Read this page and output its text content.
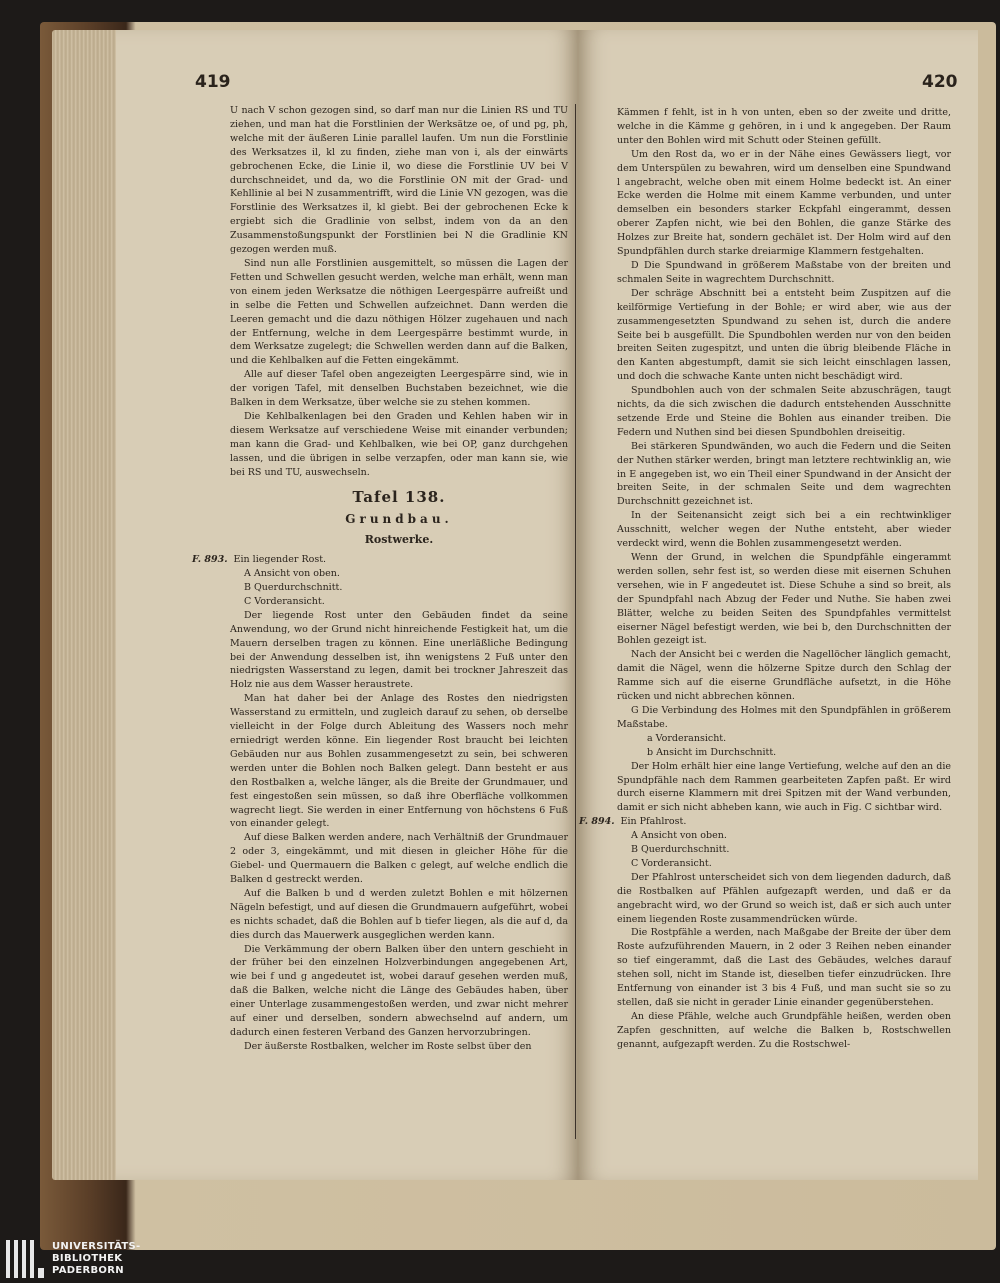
419	420

U nach V schon gezogen sind, so darf man nur die Linien RS und TU ziehen, und man hat die Forstlinien der Werksätze oe, of und pg, ph, welche mit der äußeren Linie parallel laufen. Um nun die Forstlinie des Werksatzes il, kl zu finden, ziehe man von i, als der einwärts gebrochenen Ecke, die Linie il, wo diese die Forstlinie UV bei V durchschneidet, und da, wo die Forstlinie ON mit der Grad- und Kehllinie al bei N zusammentrifft, wird die Linie VN gezogen, was die Forstlinie des Werksatzes il, kl giebt. Bei der gebrochenen Ecke k ergiebt sich die Gradlinie von selbst, indem von da an den Zusammenstoßungspunkt der Forstlinien bei N die Gradlinie KN gezogen werden muß.

Sind nun alle Forstlinien ausgemittelt, so müssen die Lagen der Fetten und Schwellen gesucht werden, welche man erhält, wenn man von einem jeden Werksatze die nöthigen Leergespärre aufreißt und in selbe die Fetten und Schwellen aufzeichnet. Dann werden die Leeren gemacht und die dazu nöthigen Hölzer zugehauen und nach der Entfernung, welche in dem Leergespärre bestimmt wurde, in dem Werksatze zugelegt; die Schwellen werden dann auf die Balken, und die Kehlbalken auf die Fetten eingekämmt.

Alle auf dieser Tafel oben angezeigten Leergespärre sind, wie in der vorigen Tafel, mit denselben Buchstaben bezeichnet, wie die Balken in dem Werksatze, über welche sie zu stehen kommen.

Die Kehlbalkenlagen bei den Graden und Kehlen haben wir in diesem Werksatze auf verschiedene Weise mit einander verbunden; man kann die Grad- und Kehlbalken, wie bei OP, ganz durchgehen lassen, und die übrigen in selbe verzapfen, oder man kann sie, wie bei RS und TU, auswechseln.

Tafel 138.
Grundbau.
Rostwerke.

F. 893. Ein liegender Rost.

A Ansicht von oben.

B Querdurchschnitt.

C Vorderansicht.

Der liegende Rost unter den Gebäuden findet da seine Anwendung, wo der Grund nicht hinreichende Festigkeit hat, um die Mauern derselben tragen zu können. Eine unerläßliche Bedingung bei der Anwendung desselben ist, ihn wenigstens 2 Fuß unter den niedrigsten Wasserstand zu legen, damit bei trockner Jahreszeit das Holz nie aus dem Wasser heraustrete.

Man hat daher bei der Anlage des Rostes den niedrigsten Wasserstand zu ermitteln, und zugleich darauf zu sehen, ob derselbe vielleicht in der Folge durch Ableitung des Wassers noch mehr erniedrigt werden könne. Ein liegender Rost braucht bei leichten Gebäuden nur aus Bohlen zusammengesetzt zu sein, bei schweren werden unter die Bohlen noch Balken gelegt. Dann besteht er aus den Rostbalken a, welche länger, als die Breite der Grundmauer, und fest eingestoßen sein müssen, so daß ihre Oberfläche vollkommen wagrecht liegt. Sie werden in einer Entfernung von höchstens 6 Fuß von einander gelegt.

Auf diese Balken werden andere, nach Verhältniß der Grundmauer 2 oder 3, eingekämmt, und mit diesen in gleicher Höhe für die Giebel- und Quermauern die Balken c gelegt, auf welche endlich die Balken d gestreckt werden.

Auf die Balken b und d werden zuletzt Bohlen e mit hölzernen Nägeln befestigt, und auf diesen die Grundmauern aufgeführt, wobei es nichts schadet, daß die Bohlen auf b tiefer liegen, als die auf d, da dies durch das Mauerwerk ausgeglichen werden kann.

Die Verkämmung der obern Balken über den untern geschieht in der früher bei den einzelnen Holzverbindungen angegebenen Art, wie bei f und g angedeutet ist, wobei darauf gesehen werden muß, daß die Balken, welche nicht die Länge des Gebäudes haben, über einer Unterlage zusammengestoßen werden, und zwar nicht mehrer auf einer und derselben, sondern abwechselnd auf andern, um dadurch einen festeren Verband des Ganzen hervorzubringen.

Der äußerste Rostbalken, welcher im Roste selbst über den

Kämmen f fehlt, ist in h von unten, eben so der zweite und dritte, welche in die Kämme g gehören, in i und k angegeben. Der Raum unter den Bohlen wird mit Schutt oder Steinen gefüllt.

Um den Rost da, wo er in der Nähe eines Gewässers liegt, vor dem Unterspülen zu bewahren, wird um denselben eine Spundwand l angebracht, welche oben mit einem Holme bedeckt ist. An einer Ecke werden die Holme mit einem Kamme verbunden, und unter demselben ein besonders starker Eckpfahl eingerammt, dessen oberer Zapfen nicht, wie bei den Bohlen, die ganze Stärke des Holzes zur Breite hat, sondern gechälet ist. Der Holm wird auf den Spundpfählen durch starke dreiarmige Klammern festgehalten.

D Die Spundwand in größerem Maßstabe von der breiten und schmalen Seite in wagrechtem Durchschnitt.

Der schräge Abschnitt bei a entsteht beim Zuspitzen auf die keilförmige Vertiefung in der Bohle; er wird aber, wie aus der zusammengesetzten Spundwand zu sehen ist, durch die andere Seite bei b ausgefüllt. Die Spundbohlen werden nur von den beiden breiten Seiten zugespitzt, und unten die übrig bleibende Fläche in den Kanten abgestumpft, damit sie sich leicht einschlagen lassen, und doch die schwache Kante unten nicht beschädigt wird.

Spundbohlen auch von der schmalen Seite abzuschrägen, taugt nichts, da die sich zwischen die dadurch entstehenden Ausschnitte setzende Erde und Steine die Bohlen aus einander treiben. Die Federn und Nuthen sind bei diesen Spundbohlen dreiseitig.

Bei stärkeren Spundwänden, wo auch die Federn und die Seiten der Nuthen stärker werden, bringt man letztere rechtwinklig an, wie in E angegeben ist, wo ein Theil einer Spundwand in der Ansicht der breiten Seite, in der schmalen Seite und dem wagrechten Durchschnitt gezeichnet ist.

In der Seitenansicht zeigt sich bei a ein rechtwinkliger Ausschnitt, welcher wegen der Nuthe entsteht, aber wieder verdeckt wird, wenn die Bohlen zusammengesetzt werden.

Wenn der Grund, in welchen die Spundpfähle eingerammt werden sollen, sehr fest ist, so werden diese mit eisernen Schuhen versehen, wie in F angedeutet ist. Diese Schuhe a sind so breit, als der Spundpfahl nach Abzug der Feder und Nuthe. Sie haben zwei Blätter, welche zu beiden Seiten des Spundpfahles vermittelst eiserner Nägel befestigt werden, wie bei b, den Durchschnitten der Bohlen gezeigt ist.

Nach der Ansicht bei c werden die Nagellöcher länglich gemacht, damit die Nägel, wenn die hölzerne Spitze durch den Schlag der Ramme sich auf die eiserne Grundfläche aufsetzt, in die Höhe rücken und nicht abbrechen können.

G Die Verbindung des Holmes mit den Spundpfählen in größerem Maßstabe.

a Vorderansicht.

b Ansicht im Durchschnitt.

Der Holm erhält hier eine lange Vertiefung, welche auf den an die Spundpfähle nach dem Rammen gearbeiteten Zapfen paßt. Er wird durch eiserne Klammern mit drei Spitzen mit der Wand verbunden, damit er sich nicht abheben kann, wie auch in Fig. C sichtbar wird.

F. 894. Ein Pfahlrost.

A Ansicht von oben.

B Querdurchschnitt.

C Vorderansicht.

Der Pfahlrost unterscheidet sich von dem liegenden dadurch, daß die Rostbalken auf Pfählen aufgezapft werden, und daß er da angebracht wird, wo der Grund so weich ist, daß er sich auch unter einem liegenden Roste zusammendrücken würde.

Die Rostpfähle a werden, nach Maßgabe der Breite der über dem Roste aufzuführenden Mauern, in 2 oder 3 Reihen neben einander so tief eingerammt, daß die Last des Gebäudes, welches darauf stehen soll, nicht im Stande ist, dieselben tiefer einzudrücken. Ihre Entfernung von einander ist 3 bis 4 Fuß, und man sucht sie so zu stellen, daß sie nicht in gerader Linie einander gegenüberstehen.

An diese Pfähle, welche auch Grundpfähle heißen, werden oben Zapfen geschnitten, auf welche die Balken b, Rostschwellen genannt, aufgezapft werden. Zu die Rostschwel-

UNIVERSITÄTS-
BIBLIOTHEK
PADERBORN
